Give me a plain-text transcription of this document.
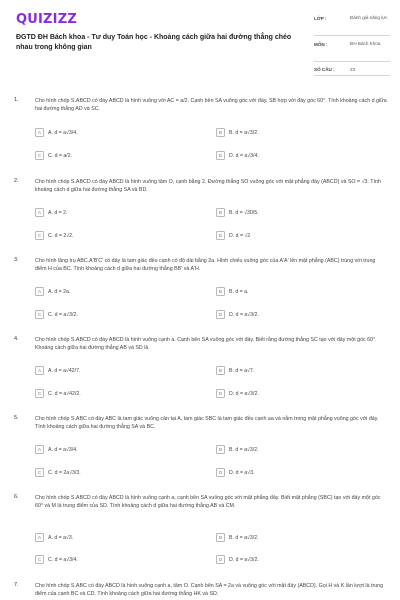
QUIZIZZ
ĐGTD ĐH Bách khoa - Tư duy Toán học - Khoảng cách giữa hai đường thẳng chéo nhau trong không gian
LỚP :	Đánh giá năng lực
MÔN :	ĐH Bách Khoa
SỐ CÂU :	23
1.	Cho hình chóp S.ABCD có đáy ABCD là hình vuông với AC = a/2. Cạnh bên SA vuông góc với đáy, SB hợp với đáy góc 60°. Tính khoảng cách d giữa hai đường thẳng AD và SC.
A	A. d = a√3/4.	B	B. d = a√3/2.
C	C. d = a/2.	D	D. d = a√3/4.
2.	Cho hình chóp S.ABCD có đáy ABCD là hình vuông tâm O, cạnh bằng 2. Đường thẳng SO vuông góc với mặt phẳng đáy (ABCD) và SO = √3. Tính khoảng cách d giữa hai đường thẳng SA và BD.
A	A. d = 2.	B	B. d = √30/5.
C	C. d = 2√2.	D	D. d = √2.
3.	Cho hình lăng trụ ABC.A'B'C' có đáy là tam giác đều cạnh có độ dài bằng 2a. Hình chiếu vuông góc của A'A' lên mặt phẳng (ABC) trùng với trung điểm H của BC. Tính khoảng cách d giữa hai đường thẳng BB' và A'H.
A	A. d = 2a.	B	B. d = a.
C	C. d = a√3/2.	D	D. d = a√3/2.
4.	Cho hình chóp S.ABCD có đáy ABCD là hình vuông cạnh a. Cạnh bên SA vuông góc với đáy. Biết rằng đường thẳng SC tạo với đáy một góc 60°. Khoảng cách giữa hai đường thẳng AB và SD là
A	A. d = a√42/7.	B	B. d = a√7.
C	C. d = a√42/2.	D	D. d = a√3/2.
5.	Cho hình chóp S.ABC có đáy ABC là tam giác vuông cân tại A, tam giác SBC là tam giác đều cạnh aa và nằm trong mặt phẳng vuông góc với đáy. Tính khoảng cách giữa hai đường thẳng SA và BC.
A	A. d = a√3/4.	B	B. d = a√3/2.
C	C. d = 2a√3/3.	D	D. d = a√3.
6.	Cho hình chóp S.ABCD có đáy ABCD là hình vuông cạnh a, cạnh bên SA vuông góc với mặt phẳng đáy. Biết mặt phẳng (SBC) tạo với đáy một góc 60° và M là trung điểm của SD. Tính khoảng cách d giữa hai đường thẳng AB và CM.
A	A. d = a√3.	B	B. d = a√3/2.
C	C. d = a√3/4.	D	D. d = a√3/2.
7.	Cho hình chóp S.ABC có đáy ABCD là hình vuông cạnh a, tâm O. Cạnh bên SA = 2a và vuông góc với mặt đáy (ABCD). Gọi H và K lần lượt là trung điểm của cạnh BC và CD. Tính khoảng cách giữa hai đường thẳng HK và SD.
